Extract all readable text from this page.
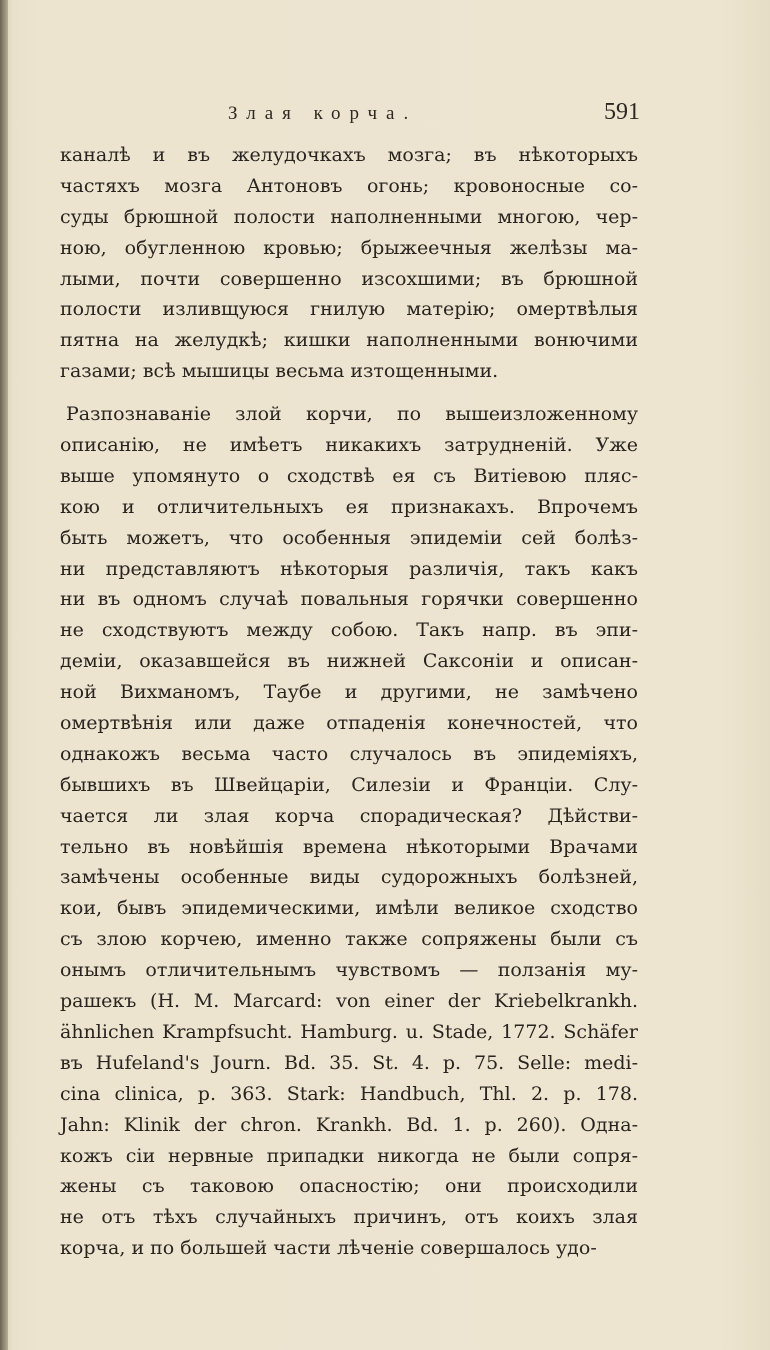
Злая корча.	591
каналѣ и въ желудочкахъ мозга; въ нѣкоторыхъ
частяхъ мозга Антоновъ огонь; кровоносные со-
суды брюшной полости наполненными многою, чер-
ною, обугленною кровью; брыжеечныя желѣзы ма-
лыми, почти совершенно изсохшими; въ брюшной
полости изливщуюся гнилую матерію; омертвѣлыя
пятна на желудкѣ; кишки наполненными вонючими
газами; всѣ мышицы весьма изтощенными.
Разпознаваніе злой корчи, по вышеизложенному
описанію, не имѣетъ никакихъ затрудненій. Уже
выше упомянуто о сходствѣ ея съ Витіевою пляс-
кою и отличительныхъ ея признакахъ. Впрочемъ
быть можетъ, что особенныя эпидеміи сей болѣз-
ни представляютъ нѣкоторыя различія, такъ какъ
ни въ одномъ случаѣ повальныя горячки совершенно
не сходствуютъ между собою. Такъ напр. въ эпи-
деміи, оказавшейся въ нижней Саксоніи и описан-
ной Вихманомъ, Таубе и другими, не замѣчено
омертвѣнія или даже отпаденія конечностей, что
однакожъ весьма часто случалось въ эпидеміяхъ,
бывшихъ въ Швейцаріи, Силезіи и Франціи. Слу-
чается ли злая корча спорадическая? Дѣйстви-
тельно въ новѣйшія времена нѣкоторыми Врачами
замѣчены особенные виды судорожныхъ болѣзней,
кои, бывъ эпидемическими, имѣли великое сходство
съ злою корчею, именно также сопряжены были съ
онымъ отличительнымъ чувствомъ — ползанія му-
рашекъ (H. M. Marcard: von einer der Kriebelkrankh.
ähnlichen Krampfsucht. Hamburg. u. Stade, 1772. Schäfer
въ Hufeland's Journ. Bd. 35. St. 4. p. 75. Selle: medi-
cina clinica, p. 363. Stark: Handbuch, Thl. 2. p. 178.
Jahn: Klinik der chron. Krankh. Bd. 1. p. 260). Одна-
кожъ сіи нервные припадки никогда не были сопря-
жены съ таковою опасностію; они происходили
не отъ тѣхъ случайныхъ причинъ, отъ коихъ злая
корча, и по большей части лѣченіе совершалось удо-
